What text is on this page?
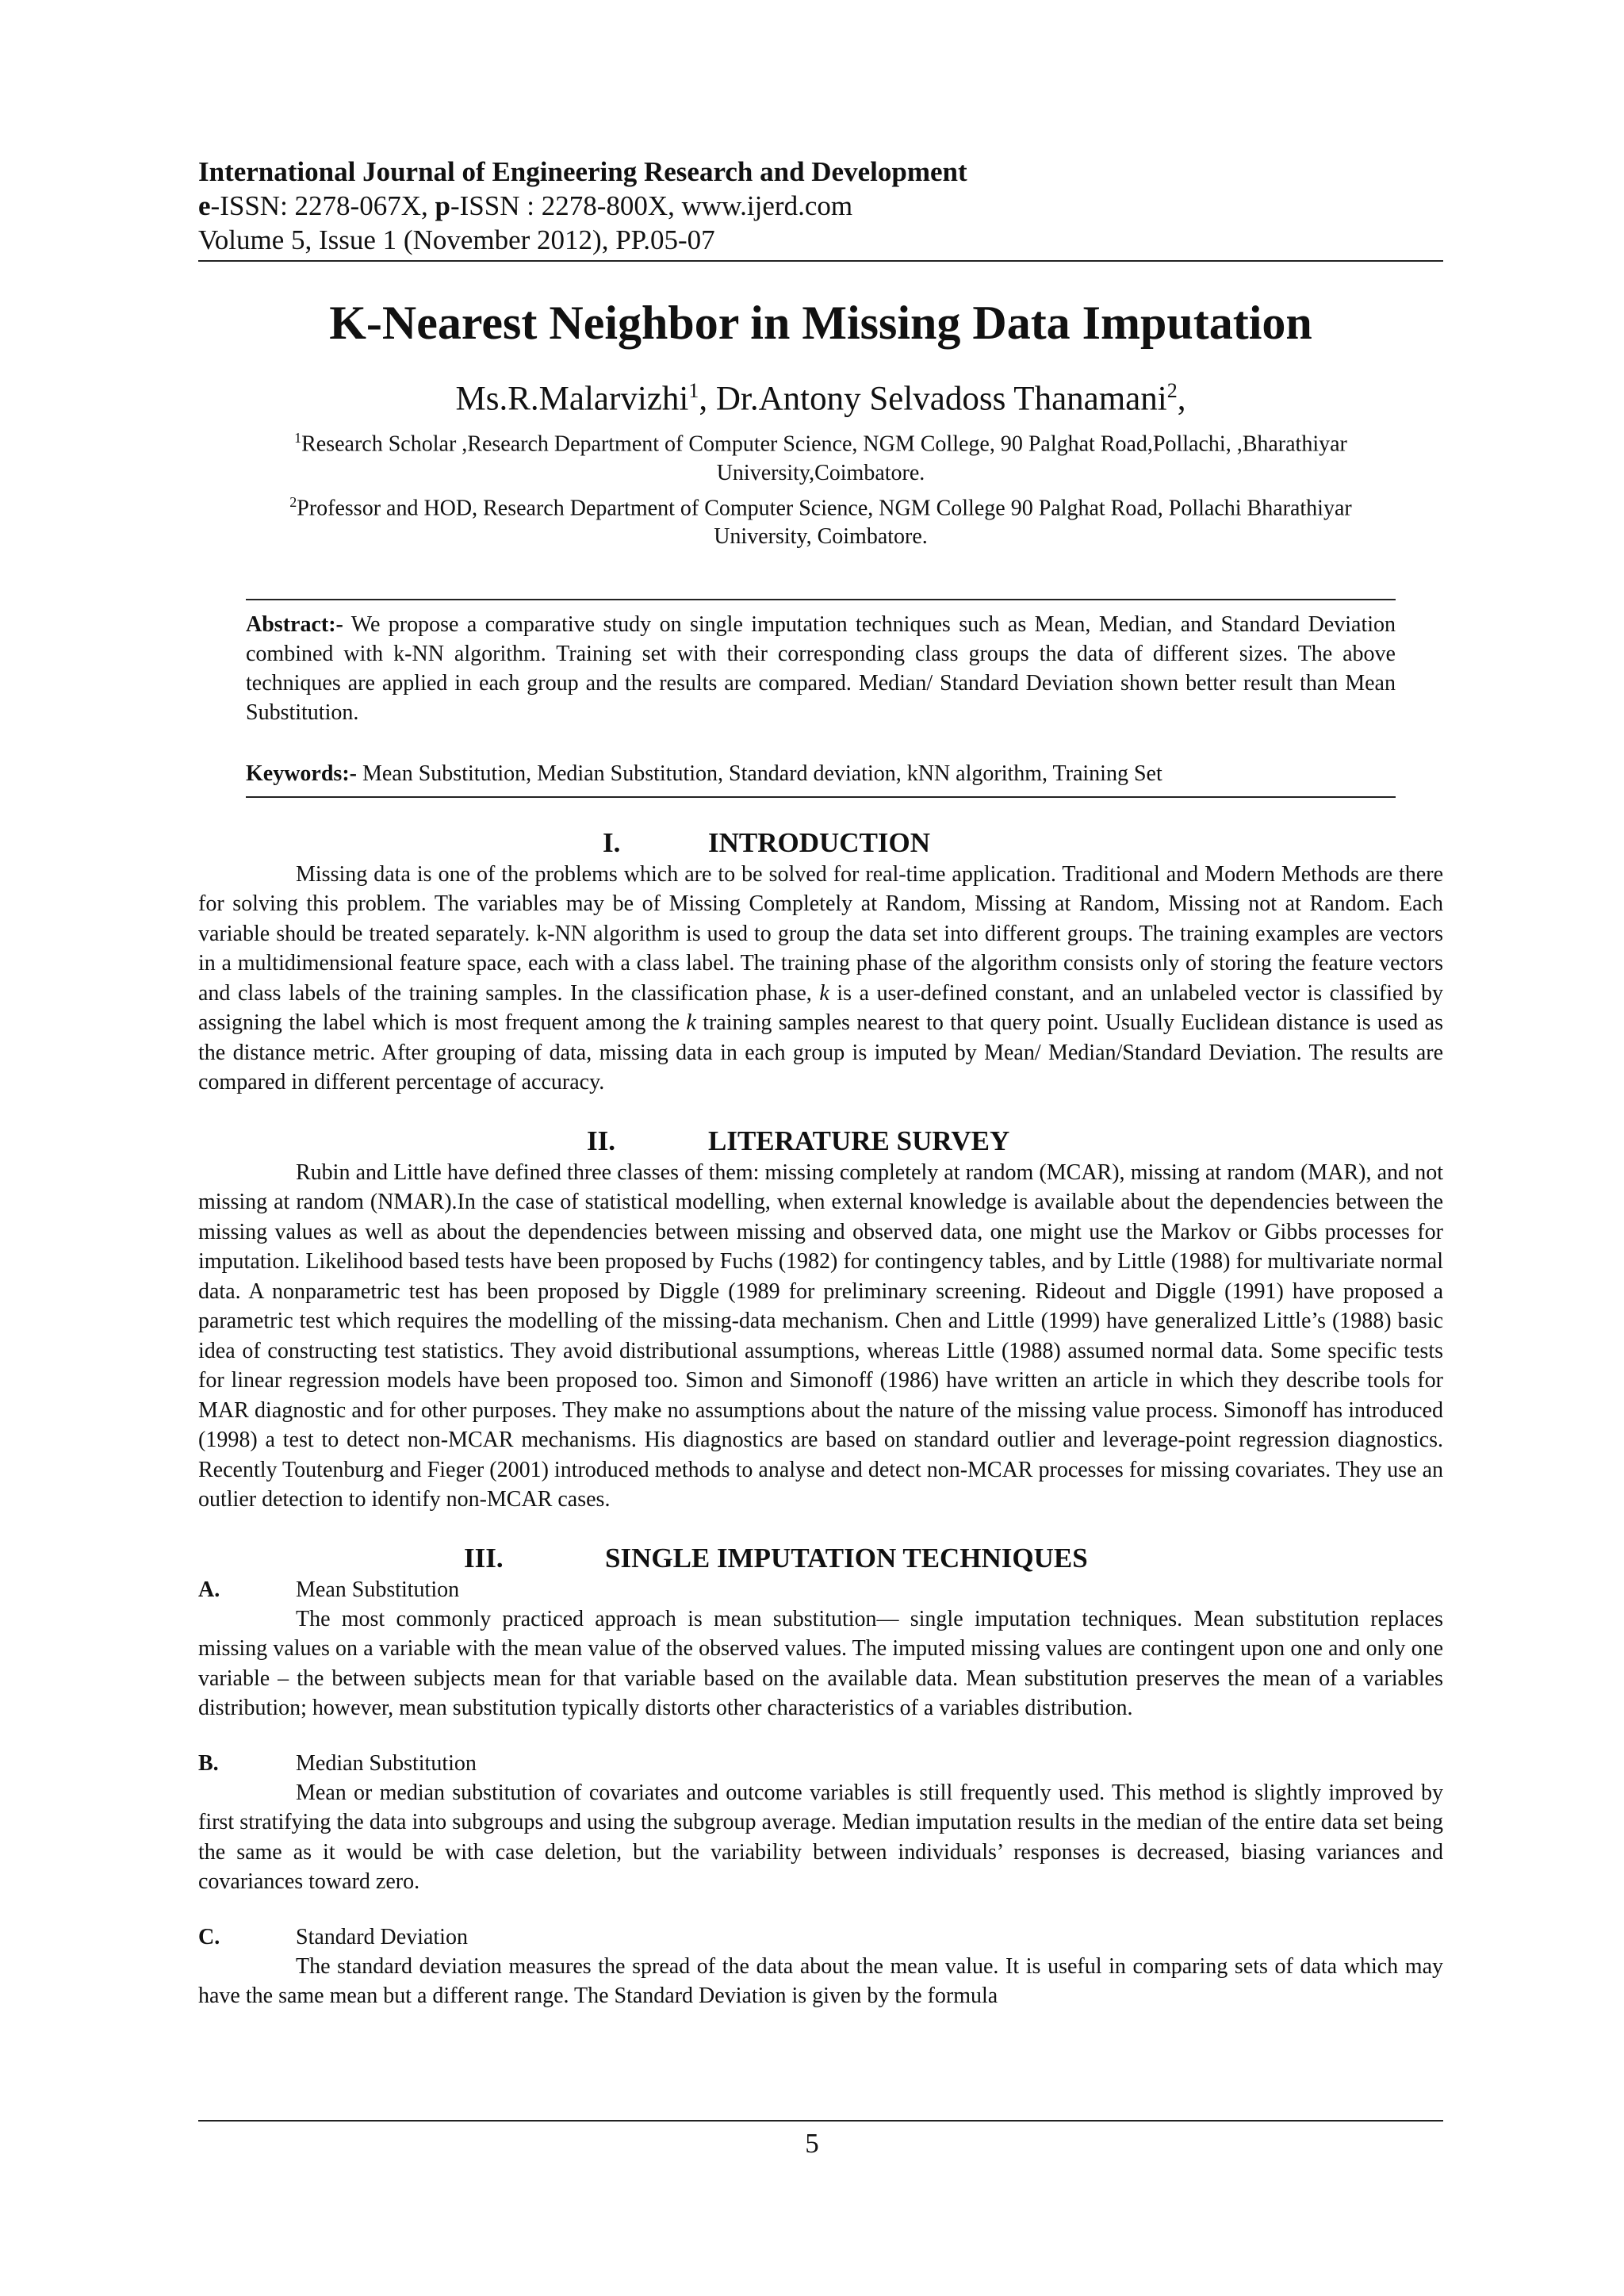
International Journal of Engineering Research and Development
e-ISSN: 2278-067X, p-ISSN : 2278-800X, www.ijerd.com
Volume 5, Issue 1 (November 2012), PP.05-07
K-Nearest Neighbor in Missing Data Imputation
Ms.R.Malarvizhi$^1$, Dr.Antony Selvadoss Thanamani$^2$,
$^1$Research Scholar ,Research Department of Computer Science, NGM College, 90 Palghat Road,Pollachi, ,Bharathiyar
University,Coimbatore.
$^2$Professor and HOD, Research Department of Computer Science, NGM College 90 Palghat Road, Pollachi Bharathiyar
University, Coimbatore.

Abstract:- We propose a comparative study on single imputation techniques such as Mean, Median, and Standard Deviation combined with k-NN algorithm. Training set with their corresponding class groups the data of different sizes. The above techniques are applied in each group and the results are compared. Median/ Standard Deviation shown better result than Mean Substitution.

Keywords:- Mean Substitution, Median Substitution, Standard deviation, kNN algorithm, Training Set

I.	INTRODUCTION

Missing data is one of the problems which are to be solved for real-time application. Traditional and Modern Methods are there for solving this problem. The variables may be of Missing Completely at Random, Missing at Random, Missing not at Random. Each variable should be treated separately. k-NN algorithm is used to group the data set into different groups. The training examples are vectors in a multidimensional feature space, each with a class label. The training phase of the algorithm consists only of storing the feature vectors and class labels of the training samples. In the classification phase, k is a user-defined constant, and an unlabeled vector is classified by assigning the label which is most frequent among the k training samples nearest to that query point. Usually Euclidean distance is used as the distance metric. After grouping of data, missing data in each group is imputed by Mean/ Median/Standard Deviation. The results are compared in different percentage of accuracy.

II.	LITERATURE SURVEY

Rubin and Little have defined three classes of them: missing completely at random (MCAR), missing at random (MAR), and not missing at random (NMAR).In the case of statistical modelling, when external knowledge is available about the dependencies between the missing values as well as about the dependencies between missing and observed data, one might use the Markov or Gibbs processes for imputation. Likelihood based tests have been proposed by Fuchs (1982) for contingency tables, and by Little (1988) for multivariate normal data. A nonparametric test has been proposed by Diggle (1989 for preliminary screening. Rideout and Diggle (1991) have proposed a parametric test which requires the modelling of the missing-data mechanism. Chen and Little (1999) have generalized Little’s (1988) basic idea of constructing test statistics. They avoid distributional assumptions, whereas Little (1988) assumed normal data. Some specific tests for linear regression models have been proposed too. Simon and Simonoff (1986) have written an article in which they describe tools for MAR diagnostic and for other purposes. They make no assumptions about the nature of the missing value process. Simonoff has introduced (1998) a test to detect non-MCAR mechanisms. His diagnostics are based on standard outlier and leverage-point regression diagnostics. Recently Toutenburg and Fieger (2001) introduced methods to analyse and detect non-MCAR processes for missing covariates. They use an outlier detection to identify non-MCAR cases.

III.	SINGLE IMPUTATION TECHNIQUES
A.	Mean Substitution

The most commonly practiced approach is mean substitution— single imputation techniques. Mean substitution replaces missing values on a variable with the mean value of the observed values. The imputed missing values are contingent upon one and only one variable – the between subjects mean for that variable based on the available data. Mean substitution preserves the mean of a variables distribution; however, mean substitution typically distorts other characteristics of a variables distribution.

B.	Median Substitution

Mean or median substitution of covariates and outcome variables is still frequently used. This method is slightly improved by first stratifying the data into subgroups and using the subgroup average. Median imputation results in the median of the entire data set being the same as it would be with case deletion, but the variability between individuals’ responses is decreased, biasing variances and covariances toward zero.

C.	Standard Deviation

The standard deviation measures the spread of the data about the mean value. It is useful in comparing sets of data which may have the same mean but a different range. The Standard Deviation is given by the formula

5
